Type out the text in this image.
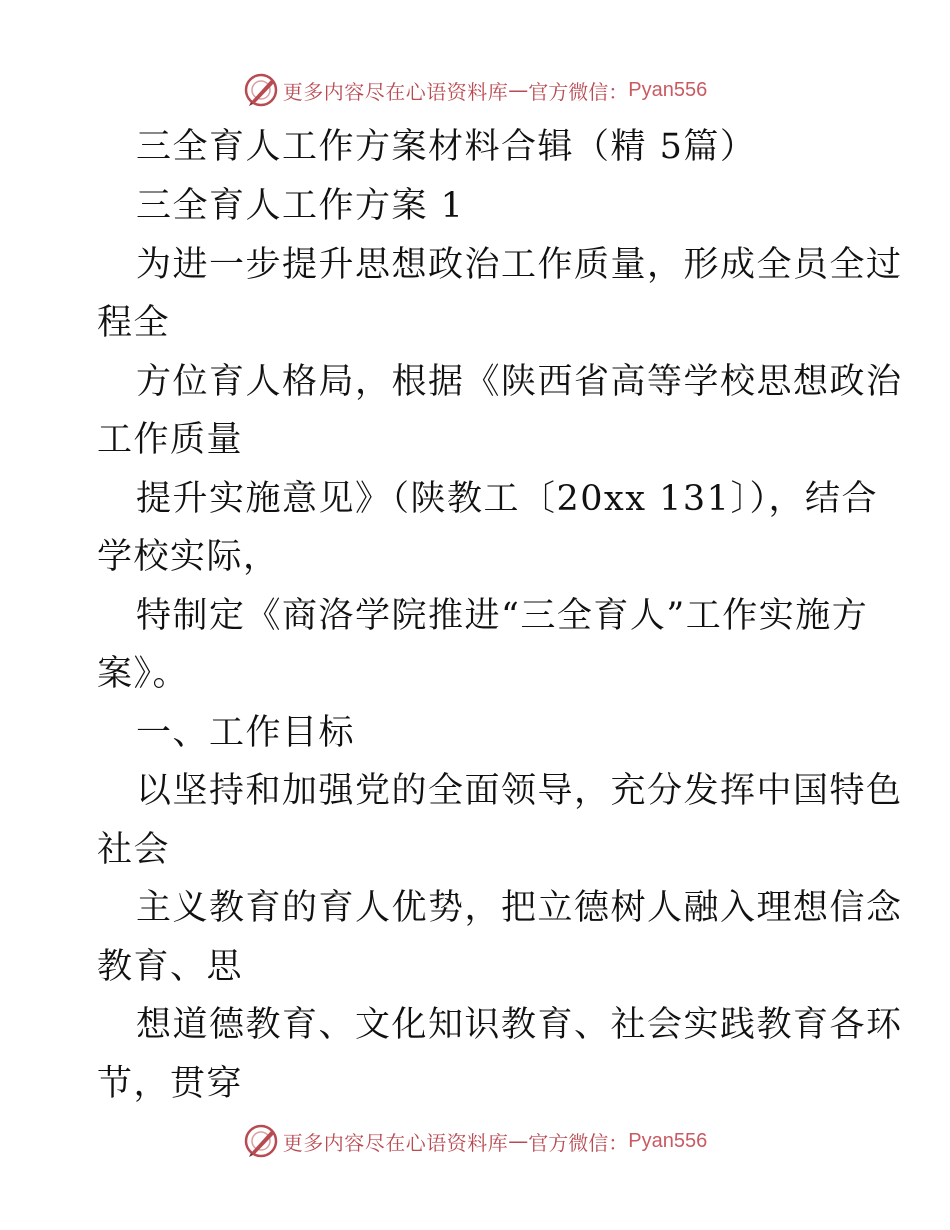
更多内容尽在心语资料库 — 官方微信： Pyan556
三全育人工作方案材料合辑（精 5篇）
三全育人工作方案 1
为进一步提升思想政治工作质量，形成全员全过
程全
方位育人格局，根据《陕西省高等学校思想政治
工作质量
提升实施意见》（陕教工〔20xx 131〕），结合
学校实际，
特制定《商洛学院推进“三全育人”工作实施方
案》。
一、工作目标
以坚持和加强党的全面领导，充分发挥中国特色
社会
主义教育的育人优势，把立德树人融入理想信念
教育、思
想道德教育、文化知识教育、社会实践教育各环
节，贯穿
更多内容尽在心语资料库 — 官方微信： Pyan556
